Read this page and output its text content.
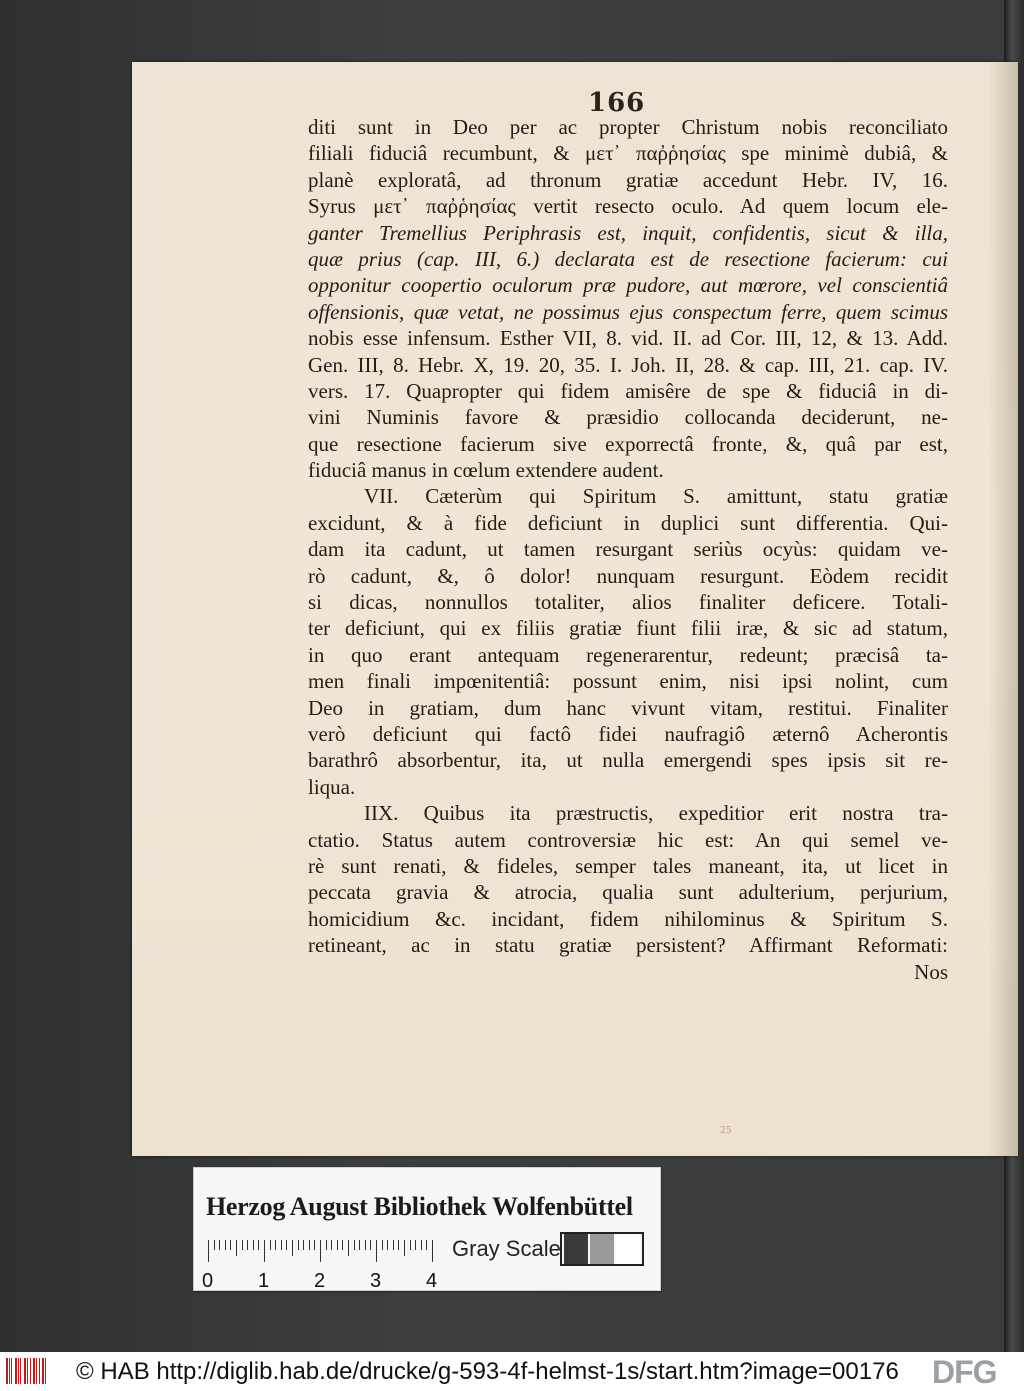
166
diti sunt in Deo per ac propter Christum nobis reconciliato
filiali fiduciâ recumbunt, & μετ᾽ παῤῥησίας spe minimè dubiâ, &
planè exploratâ, ad thronum gratiæ accedunt Hebr. IV, 16.
Syrus μετ᾽ παῤῥησίας vertit resecto oculo. Ad quem locum ele-
ganter Tremellius Periphrasis est, inquit, confidentis, sicut & illa,
quæ prius (cap. III, 6.) declarata est de resectione facierum: cui
opponitur coopertio oculorum præ pudore, aut mœrore, vel conscientiâ
offensionis, quæ vetat, ne possimus ejus conspectum ferre, quem scimus
nobis esse infensum. Esther VII, 8. vid. II. ad Cor. III, 12, & 13. Add.
Gen. III, 8. Hebr. X, 19. 20, 35. I. Joh. II, 28. & cap. III, 21. cap. IV.
vers. 17. Quapropter qui fidem amisêre de spe & fiduciâ in di-
vini Numinis favore & præsidio collocanda deciderunt, ne-
que resectione facierum sive exporrectâ fronte, &, quâ par est,
fiduciâ manus in cœlum extendere audent.
VII. Cæterùm qui Spiritum S. amittunt, statu gratiæ
excidunt, & à fide deficiunt in duplici sunt differentia. Qui-
dam ita cadunt, ut tamen resurgant seriùs ocyùs: quidam ve-
rò cadunt, &, ô dolor! nunquam resurgunt. Eòdem recidit
si dicas, nonnullos totaliter, alios finaliter deficere. Totali-
ter deficiunt, qui ex filiis gratiæ fiunt filii iræ, & sic ad statum,
in quo erant antequam regenerarentur, redeunt; præcisâ ta-
men finali impœnitentiâ: possunt enim, nisi ipsi nolint, cum
Deo in gratiam, dum hanc vivunt vitam, restitui. Finaliter
verò deficiunt qui factô fidei naufragiô æternô Acherontis
barathrô absorbentur, ita, ut nulla emergendi spes ipsis sit re-
liqua.
IIX. Quibus ita præstructis, expeditior erit nostra tra-
ctatio. Status autem controversiæ hic est: An qui semel ve-
rè sunt renati, & fideles, semper tales maneant, ita, ut licet in
peccata gravia & atrocia, qualia sunt adulterium, perjurium,
homicidium &c. incidant, fidem nihilominus & Spiritum S.
retineant, ac in statu gratiæ persistent? Affirmant Reformati:
Nos
25
Herzog August Bibliothek Wolfenbüttel
0 1 2 3 4
Gray Scale
© HAB http://diglib.hab.de/drucke/g-593-4f-helmst-1s/start.htm?image=00176 DFG
